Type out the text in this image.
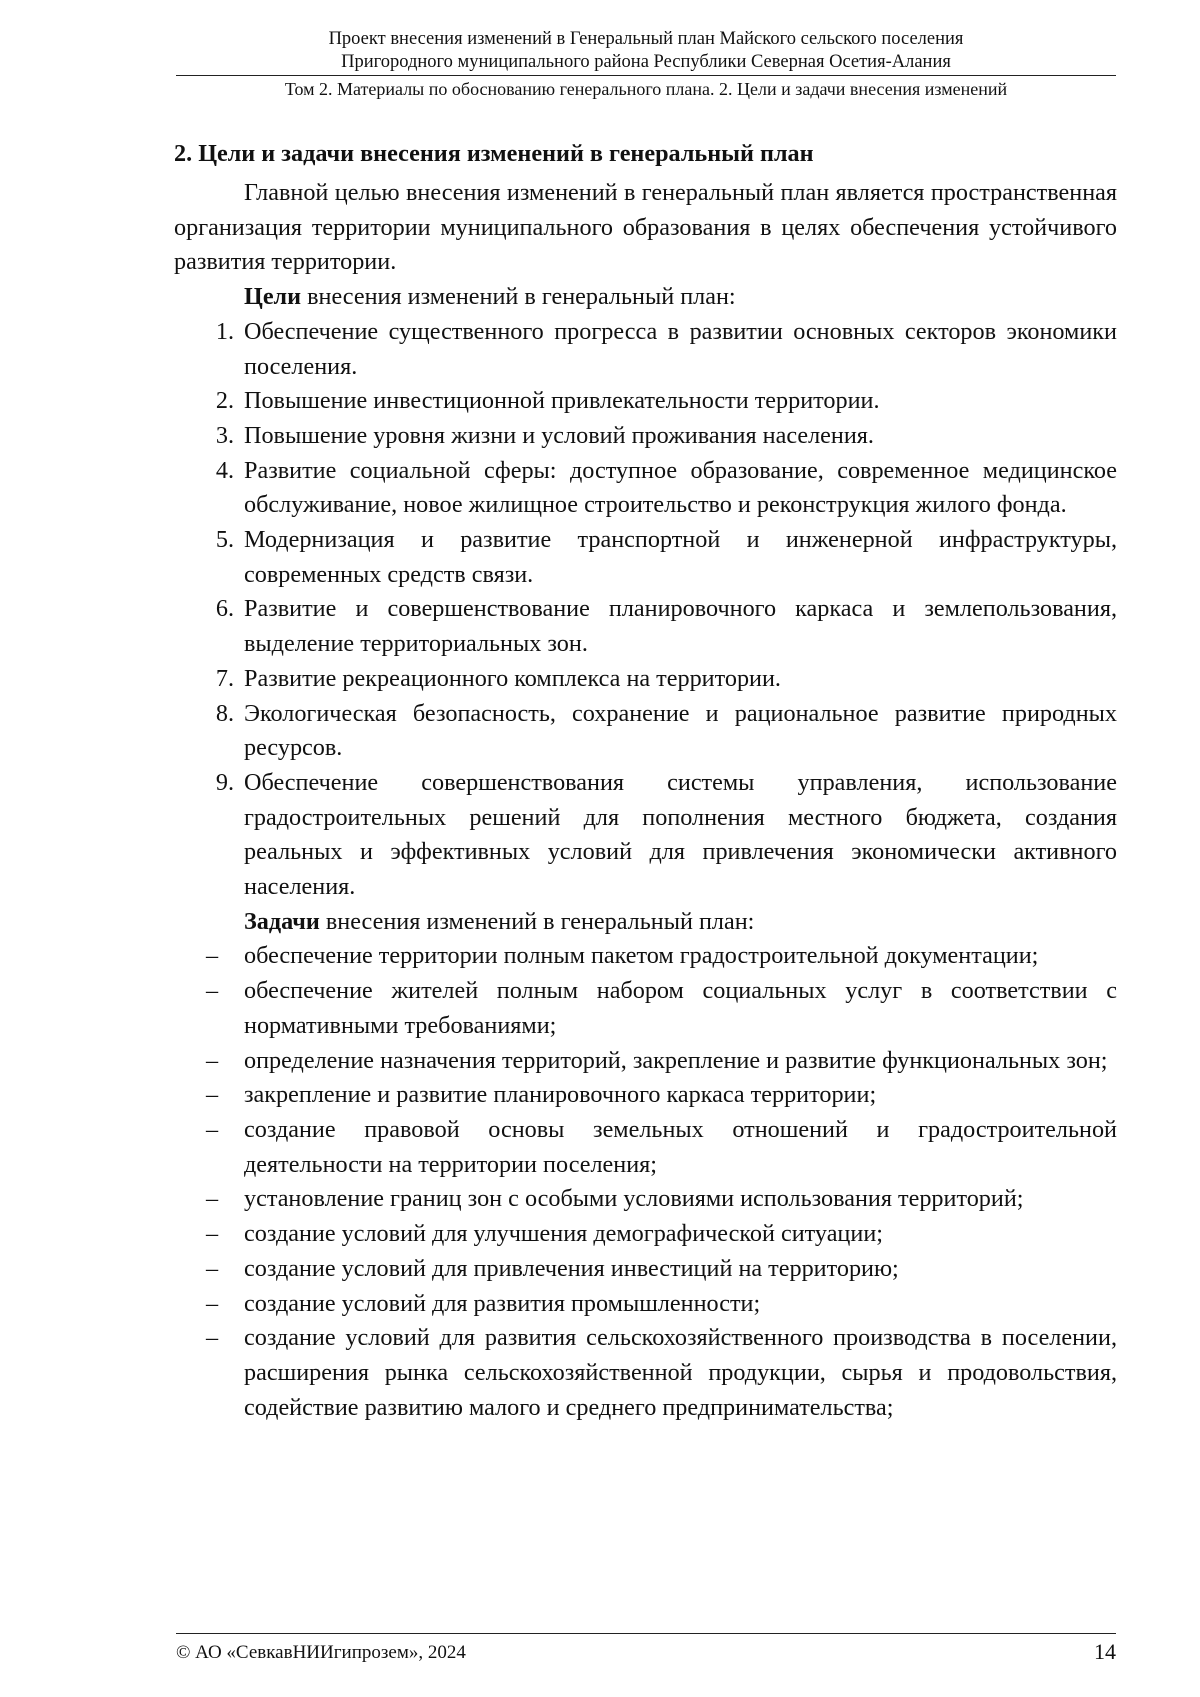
Проект внесения изменений в Генеральный план Майского сельского поселения
Пригородного муниципального района Республики Северная Осетия-Алания
Том 2. Материалы по обоснованию генерального плана. 2. Цели и задачи внесения изменений
2. Цели и задачи внесения изменений в генеральный план
Главной целью внесения изменений в генеральный план является пространственная организация территории муниципального образования в целях обеспечения устойчивого развития территории.
Цели внесения изменений в генеральный план:
1. Обеспечение существенного прогресса в развитии основных секторов экономики поселения.
2. Повышение инвестиционной привлекательности территории.
3. Повышение уровня жизни и условий проживания населения.
4. Развитие социальной сферы: доступное образование, современное медицинское обслуживание, новое жилищное строительство и реконструкция жилого фонда.
5. Модернизация и развитие транспортной и инженерной инфраструктуры, современных средств связи.
6. Развитие и совершенствование планировочного каркаса и землепользования, выделение территориальных зон.
7. Развитие рекреационного комплекса на территории.
8. Экологическая безопасность, сохранение и рациональное развитие природных ресурсов.
9. Обеспечение совершенствования системы управления, использование градостроительных решений для пополнения местного бюджета, создания реальных и эффективных условий для привлечения экономически активного населения.
Задачи внесения изменений в генеральный план:
–	обеспечение территории полным пакетом градостроительной документации;
–	обеспечение жителей полным набором социальных услуг в соответствии с нормативными требованиями;
–	определение назначения территорий, закрепление и развитие функциональных зон;
–	закрепление и развитие планировочного каркаса территории;
–	создание правовой основы земельных отношений и градостроительной деятельности на территории поселения;
–	установление границ зон с особыми условиями использования территорий;
–	создание условий для улучшения демографической ситуации;
–	создание условий для привлечения инвестиций на территорию;
–	создание условий для развития промышленности;
–	создание условий для развития сельскохозяйственного производства в поселении, расширения рынка сельскохозяйственной продукции, сырья и продовольствия, содействие развитию малого и среднего предпринимательства;
© АО «СевкавНИИгипрозем», 2024	14
